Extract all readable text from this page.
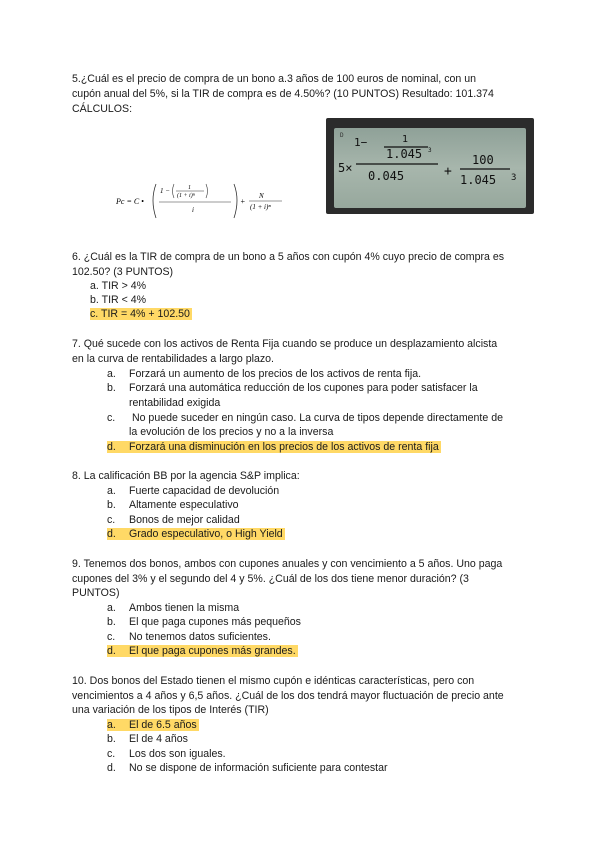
5.¿Cuál es el precio de compra de un bono a.3 años de 100 euros de nominal, con un
cupón anual del 5%, si la TIR de compra es de 4.50%? (10 PUNTOS) Resultado: 101.374
CÁLCULOS:
Pc = C •
1 −	1
(1 + i)ⁿ
i
+
N
(1 + i)ⁿ
D
1−	1
1.045 3
5×
0.045	+
100
1.045 3
6. ¿Cuál es la TIR de compra de un bono a 5 años con cupón 4% cuyo precio de compra es
102.50? (3 PUNTOS)
a. TIR > 4%
b. TIR < 4%
c. TIR = 4% + 102.50
7. Qué sucede con los activos de Renta Fija cuando se produce un desplazamiento alcista
en la curva de rentabilidades a largo plazo.
a. Forzará un aumento de los precios de los activos de renta fija.
b. Forzará una automática reducción de los cupones para poder satisfacer la
rentabilidad exigida
c. No puede suceder en ningún caso. La curva de tipos depende directamente de
la evolución de los precios y no a la inversa
d. Forzará una disminución en los precios de los activos de renta fija
8. La calificación BB por la agencia S&P implica:
a. Fuerte capacidad de devolución
b. Altamente especulativo
c. Bonos de mejor calidad
d. Grado especulativo, o High Yield
9. Tenemos dos bonos, ambos con cupones anuales y con vencimiento a 5 años. Uno paga
cupones del 3% y el segundo del 4 y 5%. ¿Cuál de los dos tiene menor duración? (3
PUNTOS)
a. Ambos tienen la misma
b. El que paga cupones más pequeños
c. No tenemos datos suficientes.
d. El que paga cupones más grandes.
10. Dos bonos del Estado tienen el mismo cupón e idénticas características, pero con
vencimientos a 4 años y 6,5 años. ¿Cuál de los dos tendrá mayor fluctuación de precio ante
una variación de los tipos de Interés (TIR)
a. El de 6.5 años
b. El de 4 años
c. Los dos son iguales.
d. No se dispone de información suficiente para contestar
